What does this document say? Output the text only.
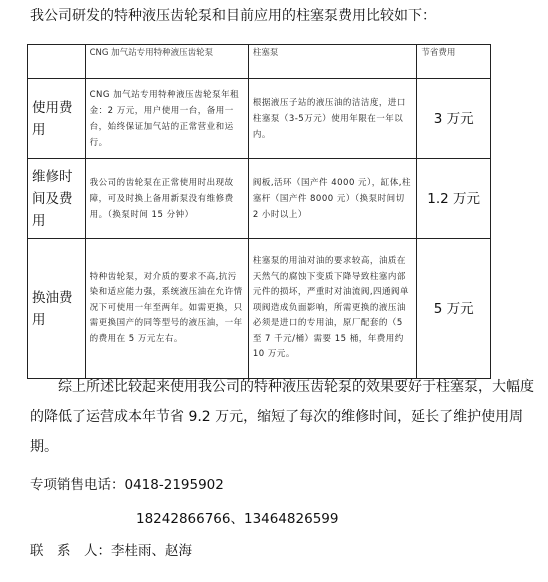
我公司研发的特种液压齿轮泵和目前应用的柱塞泵费用比较如下：
	CNG 加气站专用特种液压齿轮泵	柱塞泵	节省费用
使用费用	CNG 加气站专用特种液压齿轮泵年租金：2 万元，用户使用一台，备用一台，始终保证加气站的正常营业和运行。	根据液压子站的液压油的洁洁度，进口柱塞泵（3-5万元）使用年限在一年以内。	3 万元
维修时间及费用	我公司的齿轮泵在正常使用时出现故障，可及时换上备用新泵没有维修费用。（换泵时间 15 分钟）	阀板,活环（国产件 4000 元），缸体,柱塞杆（国产件 8000 元）（换泵时间切 2 小时以上）	1.2 万元
换油费用	特种齿轮泵，对介质的要求不高,抗污染和适应能力强，系统液压油在允许情况下可使用一年至两年。如需更换，只需更换国产的同等型号的液压油，一年的费用在 5 万元左右。	柱塞泵的用油对油的要求较高，油质在天然气的腐蚀下变质下降导致柱塞内部元件的损坏，严重时对油流阀,四通阀单项阀造成负面影响，所需更换的液压油必须是进口的专用油，原厂配套的（5 至 7 千元/桶）需要 15 桶，年费用约 10 万元。	5 万元
综上所述比较起来使用我公司的特种液压齿轮泵的效果要好于柱塞泵，大幅度的降低了运营成本年节省 9.2 万元，缩短了每次的维修时间，延长了维护使用周期。
专项销售电话：0418-2195902
18242866766、13464826599
联　系　人：李桂雨、赵海
